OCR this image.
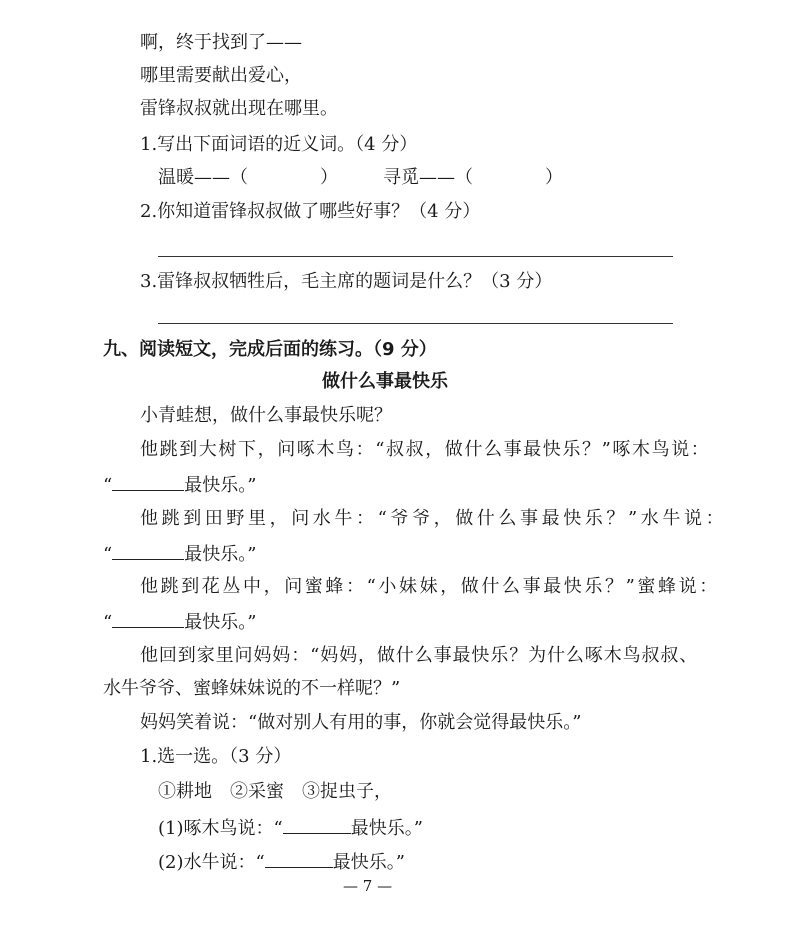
啊，终于找到了——
哪里需要献出爱心，
雷锋叔叔就出现在哪里。
1.写出下面词语的近义词。（4 分）
温暖——（	）	寻觅——（	）
2.你知道雷锋叔叔做了哪些好事？（4 分）
3.雷锋叔叔牺牲后，毛主席的题词是什么？（3 分）
九、阅读短文，完成后面的练习。（9 分）
做什么事最快乐
小青蛙想，做什么事最快乐呢？
他跳到大树下，问啄木鸟：“叔叔，做什么事最快乐？”啄木鸟说：
“	最快乐。”
他跳到田野里，问水牛：“爷爷，做什么事最快乐？”水牛说：
“	最快乐。”
他跳到花丛中，问蜜蜂：“小妹妹，做什么事最快乐？”蜜蜂说：
“	最快乐。”
他回到家里问妈妈：“妈妈，做什么事最快乐？为什么啄木鸟叔叔、
水牛爷爷、蜜蜂妹妹说的不一样呢？”
妈妈笑着说：“做对别人有用的事，你就会觉得最快乐。”
1.选一选。（3 分）
①耕地 ②采蜜 ③捉虫子，
(1)啄木鸟说：“	最快乐。”
(2)水牛说：“	最快乐。”
— 7 —
